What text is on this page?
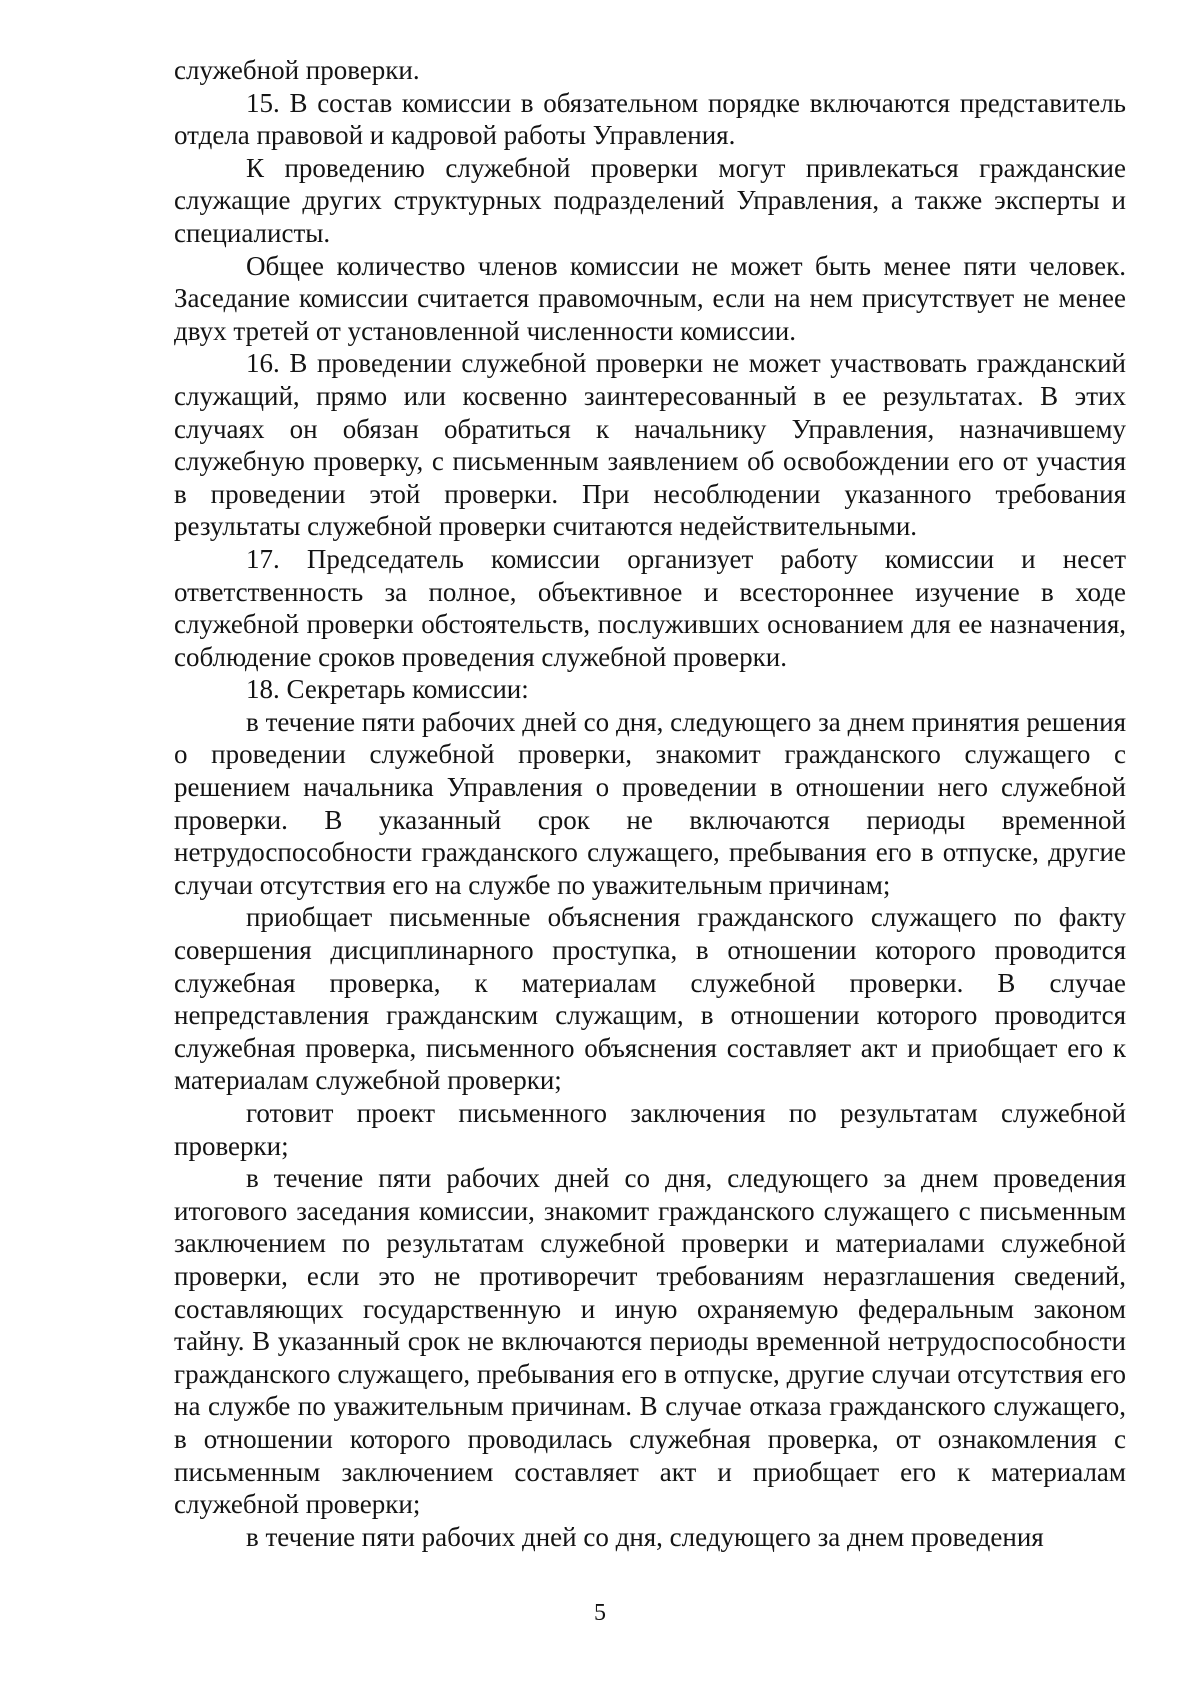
служебной проверки.

15. В состав комиссии в обязательном порядке включаются представитель отдела правовой и кадровой работы Управления.

К проведению служебной проверки могут привлекаться гражданские служащие других структурных подразделений Управления, а также эксперты и специалисты.

Общее количество членов комиссии не может быть менее пяти человек. Заседание комиссии считается правомочным, если на нем присутствует не менее двух третей от установленной численности комиссии.

16. В проведении служебной проверки не может участвовать гражданский служащий, прямо или косвенно заинтересованный в ее результатах. В этих случаях он обязан обратиться к начальнику Управления, назначившему служебную проверку, с письменным заявлением об освобождении его от участия в проведении этой проверки. При несоблюдении указанного требования результаты служебной проверки считаются недействительными.

17. Председатель комиссии организует работу комиссии и несет ответственность за полное, объективное и всестороннее изучение в ходе служебной проверки обстоятельств, послуживших основанием для ее назначения, соблюдение сроков проведения служебной проверки.

18. Секретарь комиссии:

в течение пяти рабочих дней со дня, следующего за днем принятия решения о проведении служебной проверки, знакомит гражданского служащего с решением начальника Управления о проведении в отношении него служебной проверки. В указанный срок не включаются периоды временной нетрудоспособности гражданского служащего, пребывания его в отпуске, другие случаи отсутствия его на службе по уважительным причинам;

приобщает письменные объяснения гражданского служащего по факту совершения дисциплинарного проступка, в отношении которого проводится служебная проверка, к материалам служебной проверки. В случае непредставления гражданским служащим, в отношении которого проводится служебная проверка, письменного объяснения составляет акт и приобщает его к материалам служебной проверки;

готовит проект письменного заключения по результатам служебной проверки;

в течение пяти рабочих дней со дня, следующего за днем проведения итогового заседания комиссии, знакомит гражданского служащего с письменным заключением по результатам служебной проверки и материалами служебной проверки, если это не противоречит требованиям неразглашения сведений, составляющих государственную и иную охраняемую федеральным законом тайну. В указанный срок не включаются периоды временной нетрудоспособности гражданского служащего, пребывания его в отпуске, другие случаи отсутствия его на службе по уважительным причинам. В случае отказа гражданского служащего, в отношении которого проводилась служебная проверка, от ознакомления с письменным заключением составляет акт и приобщает его к материалам служебной проверки;

в течение пяти рабочих дней со дня, следующего за днем проведения

5
